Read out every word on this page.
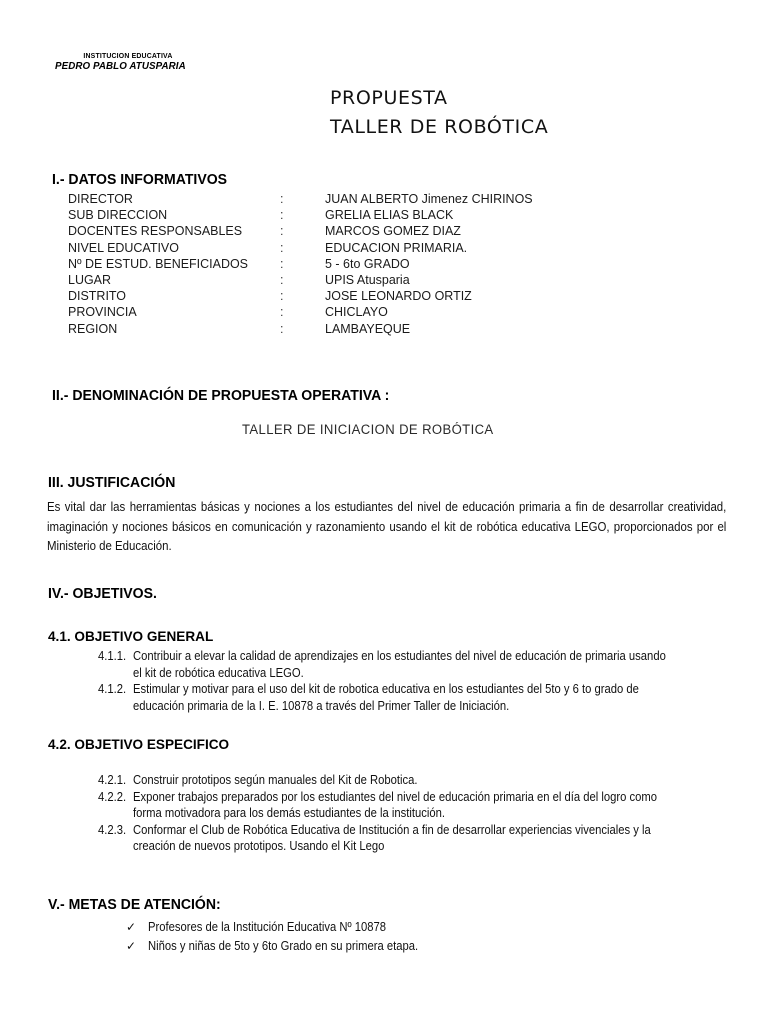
INSTITUCION EDUCATIVA
PEDRO PABLO ATUSPARIA
PROPUESTA
TALLER DE ROBÓTICA
I.- DATOS INFORMATIVOS
DIRECTOR	:	JUAN ALBERTO Jimenez CHIRINOS
SUB DIRECCION	:	GRELIA ELIAS BLACK
DOCENTES RESPONSABLES	:	MARCOS GOMEZ DIAZ
NIVEL EDUCATIVO	:	EDUCACION PRIMARIA.
Nº DE ESTUD. BENEFICIADOS	:	5 - 6to GRADO
LUGAR	:	UPIS Atusparia
DISTRITO	:	JOSE LEONARDO ORTIZ
PROVINCIA	:	CHICLAYO
REGION	:	LAMBAYEQUE
II.- DENOMINACIÓN DE PROPUESTA OPERATIVA :
TALLER DE INICIACION DE ROBÓTICA
III. JUSTIFICACIÓN
Es vital dar las herramientas básicas y nociones a los estudiantes del nivel de educación primaria a fin de desarrollar creatividad, imaginación y nociones básicos en comunicación y razonamiento usando el kit de robótica educativa LEGO, proporcionados por el Ministerio de Educación.
IV.- OBJETIVOS.
4.1. OBJETIVO GENERAL
4.1.1. Contribuir a elevar la calidad de aprendizajes en los estudiantes del nivel de educación de primaria usando el kit de robótica educativa LEGO.
4.1.2. Estimular y motivar para el uso del kit de robotica educativa en los estudiantes del 5to y 6 to grado de educación primaria de la I. E. 10878 a través del Primer Taller de Iniciación.
4.2. OBJETIVO ESPECIFICO
4.2.1. Construir prototipos según manuales del Kit de Robotica.
4.2.2. Exponer trabajos preparados por los estudiantes del nivel de educación primaria en el día del logro como forma motivadora para los demás estudiantes de la institución.
4.2.3. Conformar el Club de Robótica Educativa de Institución a fin de desarrollar experiencias vivenciales y la creación de nuevos prototipos. Usando el Kit Lego
V.- METAS DE ATENCIÓN:
✓ Profesores de la Institución Educativa Nº 10878
✓ Niños y niñas de 5to y 6to Grado en su primera etapa.
